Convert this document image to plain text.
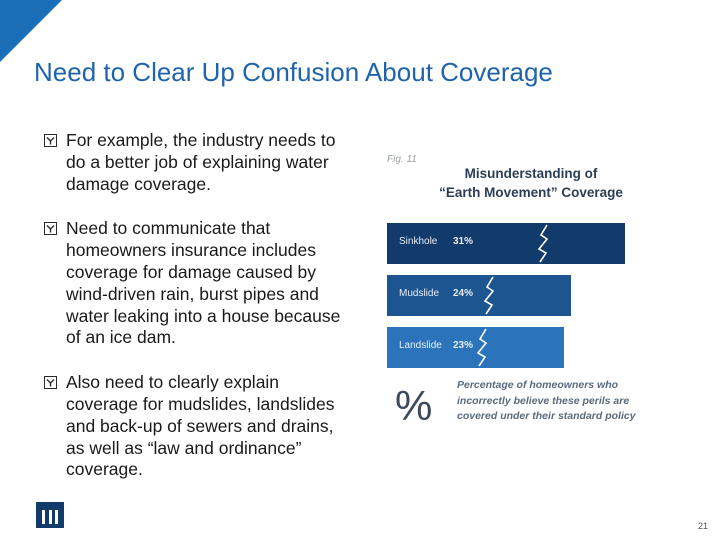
Need to Clear Up Confusion About Coverage
For example, the industry needs to do a better job of explaining water damage coverage.
Need to communicate that homeowners insurance includes coverage for damage caused by wind-driven rain, burst pipes and water leaking into a house because of an ice dam.
Also need to clearly explain coverage for mudslides, landslides and back-up of sewers and drains, as well as “law and ordinance” coverage.
Fig. 11
Misunderstanding of
“Earth Movement” Coverage
% Percentage of homeowners who incorrectly believe these perils are covered under their standard policy
Sinkhole 31%
Mudslide 24%
Landslide 23%
21
